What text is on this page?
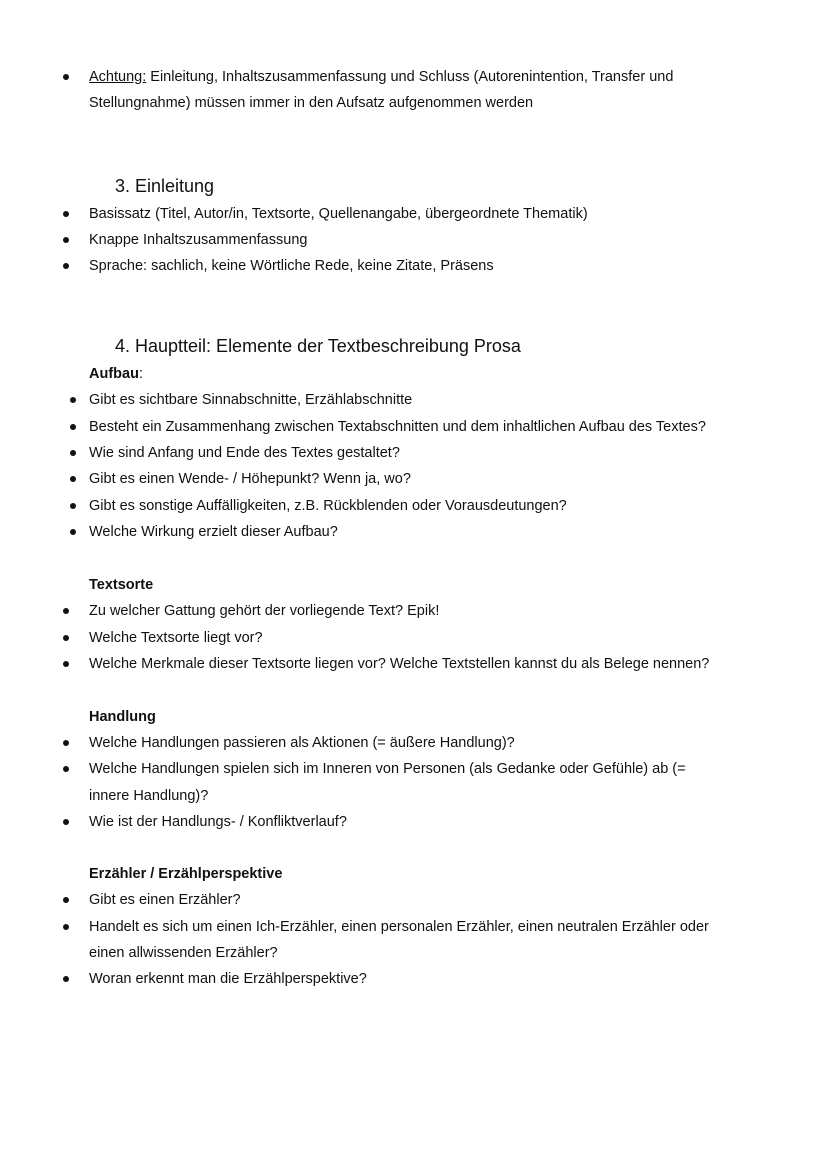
Achtung: Einleitung, Inhaltszusammenfassung und Schluss (Autorenintention, Transfer und Stellungnahme) müssen immer in den Aufsatz aufgenommen werden
3. Einleitung
Basissatz (Titel, Autor/in, Textsorte, Quellenangabe, übergeordnete Thematik)
Knappe Inhaltszusammenfassung
Sprache: sachlich, keine Wörtliche Rede, keine Zitate, Präsens
4. Hauptteil: Elemente der Textbeschreibung Prosa
Aufbau:
Gibt es sichtbare Sinnabschnitte, Erzählabschnitte
Besteht ein Zusammenhang zwischen Textabschnitten und dem inhaltlichen Aufbau des Textes?
Wie sind Anfang und Ende des Textes gestaltet?
Gibt es einen Wende- / Höhepunkt? Wenn ja, wo?
Gibt es sonstige Auffälligkeiten, z.B. Rückblenden oder Vorausdeutungen?
Welche Wirkung erzielt dieser Aufbau?
Textsorte
Zu welcher Gattung gehört der vorliegende Text? Epik!
Welche Textsorte liegt vor?
Welche Merkmale dieser Textsorte liegen vor? Welche Textstellen kannst du als Belege nennen?
Handlung
Welche Handlungen passieren als Aktionen (= äußere Handlung)?
Welche Handlungen spielen sich im Inneren von Personen (als Gedanke oder Gefühle) ab (= innere Handlung)?
Wie ist der Handlungs- / Konfliktverlauf?
Erzähler / Erzählperspektive
Gibt es einen Erzähler?
Handelt es sich um einen Ich-Erzähler, einen personalen Erzähler, einen neutralen Erzähler oder einen allwissenden Erzähler?
Woran erkennt man die Erzählperspektive?
